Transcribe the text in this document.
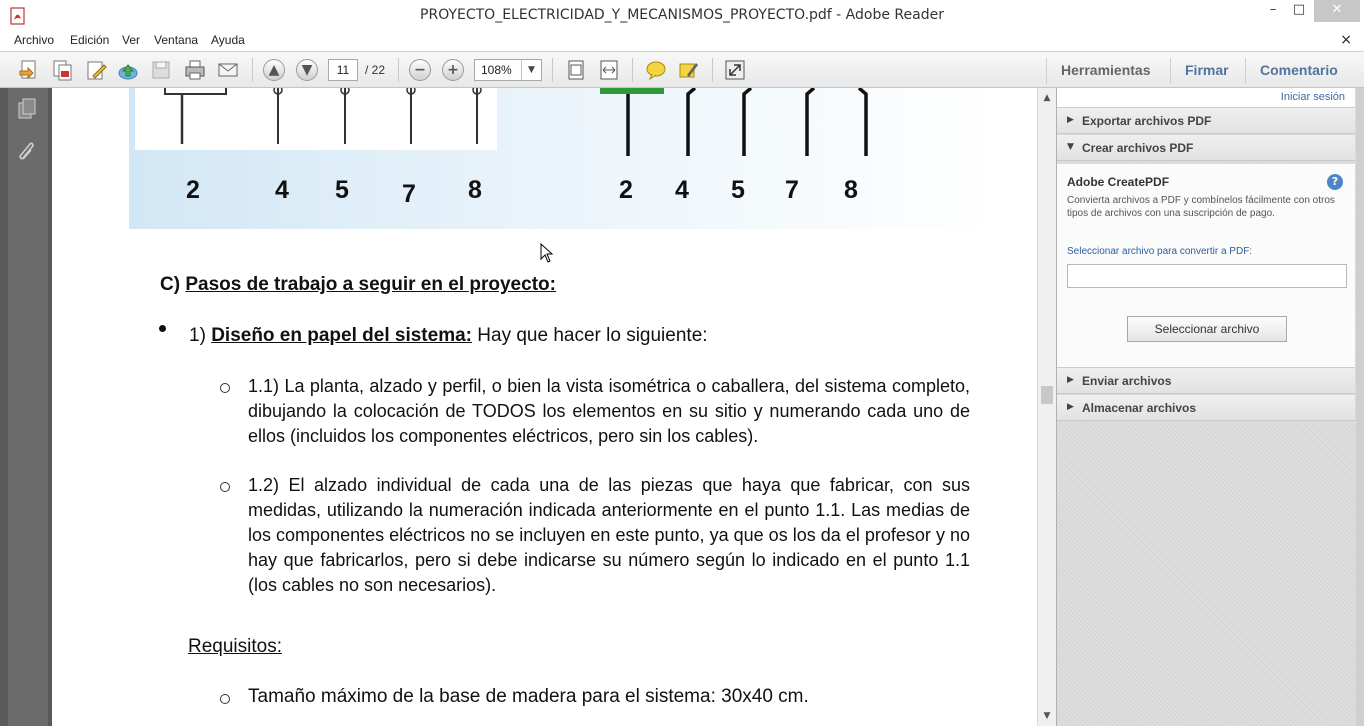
PROYECTO_ELECTRICIDAD_Y_MECANISMOS_PROYECTO.pdf - Adobe Reader	–	□	✕
Archivo Edición Ver Ventana Ayuda	×
▲	▼	11	/ 22	−	+	108%	▼	Herramientas Firmar Comentario
2	4 5 7 8	2 4 5 7 8
C) Pasos de trabajo a seguir en el proyecto:
1) Diseño en papel del sistema: Hay que hacer lo siguiente:
1.1) La planta, alzado y perfil, o bien la vista isométrica o caballera, del sistema completo, dibujando la colocación de TODOS los elementos en su sitio y numerando cada uno de ellos (incluidos los componentes eléctricos, pero sin los cables).
1.2) El alzado individual de cada una de las piezas que haya que fabricar, con sus medidas, utilizando la numeración indicada anteriormente en el punto 1.1. Las medias de los componentes eléctricos no se incluyen en este punto, ya que os los da el profesor y no hay que fabricarlos, pero si debe indicarse su número según lo indicado en el punto 1.1 (los cables no son necesarios).
Requisitos:
Tamaño máximo de la base de madera para el sistema: 30x40 cm.
▲
▼
Iniciar sesión
▶ Exportar archivos PDF
▼ Crear archivos PDF
Adobe CreatePDF	?
Convierta archivos a PDF y combínelos fácilmente con otros tipos de archivos con una suscripción de pago.
Seleccionar archivo para convertir a PDF:
Seleccionar archivo
▶ Enviar archivos
▶ Almacenar archivos
